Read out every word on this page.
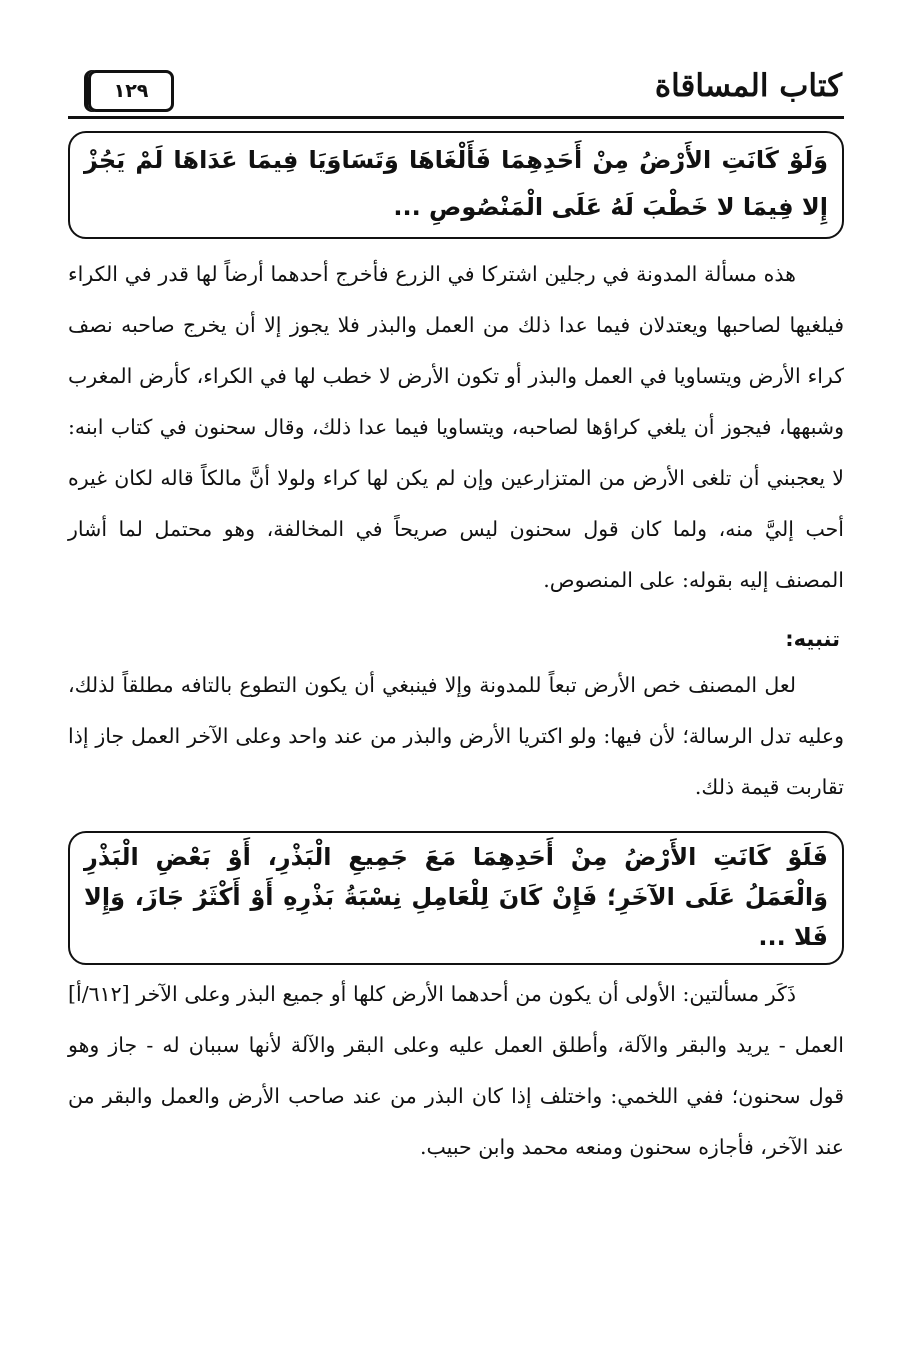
كتاب المساقاة
١٢٩
وَلَوْ كَانَتِ الأَرْضُ مِنْ أَحَدِهِمَا فَأَلْغَاهَا وَتَسَاوَيَا فِيمَا عَدَاهَا لَمْ يَجُزْ إِلا فِيمَا لا خَطْبَ لَهُ عَلَى الْمَنْصُوصِ ...

هذه مسألة المدونة في رجلين اشتركا في الزرع فأخرج أحدهما أرضاً لها قدر في الكراء فيلغيها لصاحبها ويعتدلان فيما عدا ذلك من العمل والبذر فلا يجوز إلا أن يخرج صاحبه نصف كراء الأرض ويتساويا في العمل والبذر أو تكون الأرض لا خطب لها في الكراء، كأرض المغرب وشبهها، فيجوز أن يلغي كراؤها لصاحبه، ويتساويا فيما عدا ذلك، وقال سحنون في كتاب ابنه: لا يعجبني أن تلغى الأرض من المتزارعين وإن لم يكن لها كراء ولولا أنَّ مالكاً قاله لكان غيره أحب إليَّ منه، ولما كان قول سحنون ليس صريحاً في المخالفة، وهو محتمل لما أشار المصنف إليه بقوله: على المنصوص.

تنبيه:

لعل المصنف خص الأرض تبعاً للمدونة وإلا فينبغي أن يكون التطوع بالتافه مطلقاً لذلك، وعليه تدل الرسالة؛ لأن فيها: ولو اكتريا الأرض والبذر من عند واحد وعلى الآخر العمل جاز إذا تقاربت قيمة ذلك.

فَلَوْ كَانَتِ الأَرْضُ مِنْ أَحَدِهِمَا مَعَ جَمِيعِ الْبَذْرِ، أَوْ بَعْضِ الْبَذْرِ وَالْعَمَلُ عَلَى الآخَرِ؛ فَإِنْ كَانَ لِلْعَامِلِ نِسْبَةُ بَذْرِهِ أَوْ أَكْثَرُ جَازَ، وَإِلا فَلا ...

ذَكَر مسألتين: الأولى أن يكون من أحدهما الأرض كلها أو جميع البذر وعلى الآخر [٦١٢/أ] العمل - يريد والبقر والآلة، وأطلق العمل عليه وعلى البقر والآلة لأنها سببان له - جاز وهو قول سحنون؛ ففي اللخمي: واختلف إذا كان البذر من عند صاحب الأرض والعمل والبقر من عند الآخر، فأجازه سحنون ومنعه محمد وابن حبيب.
